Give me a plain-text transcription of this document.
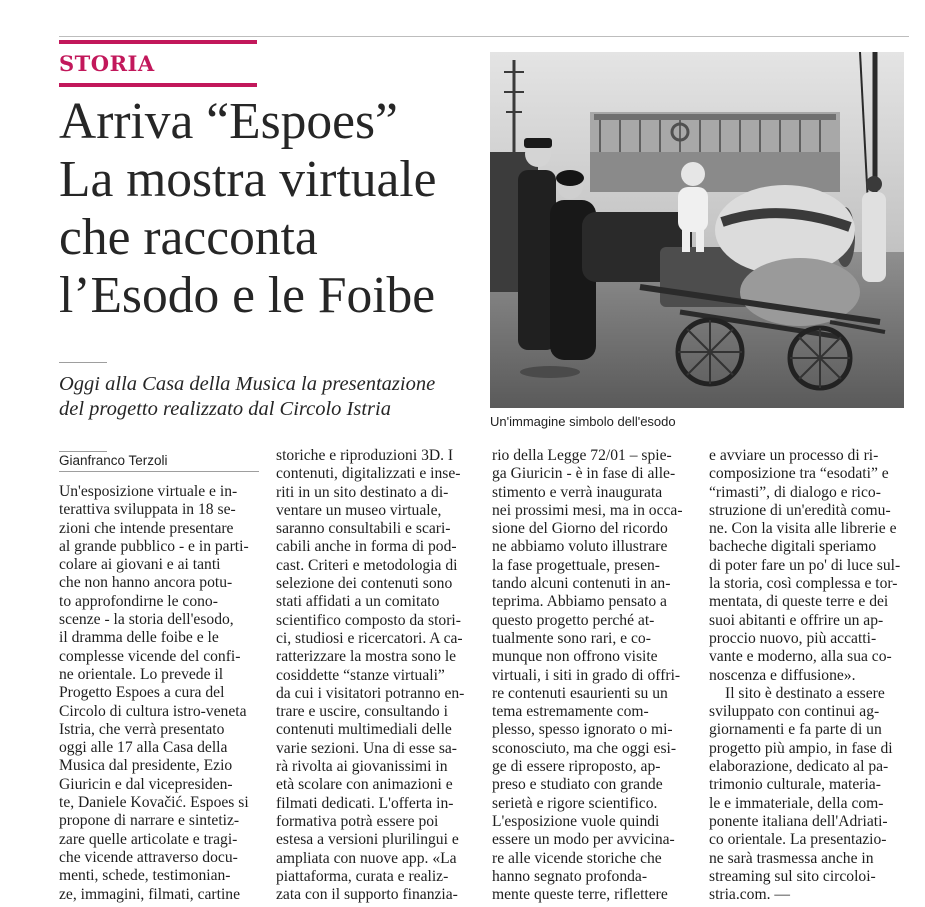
STORIA
Arriva “Espoes”
La mostra virtuale
che racconta
l’Esodo e le Foibe
Oggi alla Casa della Musica la presentazione
del progetto realizzato dal Circolo Istria
Un'immagine simbolo dell'esodo
Gianfranco Terzoli
Un'esposizione virtuale e in-
terattiva sviluppata in 18 se-
zioni che intende presentare
al grande pubblico - e in parti-
colare ai giovani e ai tanti
che non hanno ancora potu-
to approfondirne le cono-
scenze - la storia dell'esodo,
il dramma delle foibe e le
complesse vicende del confi-
ne orientale. Lo prevede il
Progetto Espoes a cura del
Circolo di cultura istro-veneta
Istria, che verrà presentato
oggi alle 17 alla Casa della
Musica dal presidente, Ezio
Giuricin e dal vicepresiden-
te, Daniele Kovačić. Espoes si
propone di narrare e sintetiz-
zare quelle articolate e tragi-
che vicende attraverso docu-
menti, schede, testimonian-
ze, immagini, filmati, cartine
storiche e riproduzioni 3D. I
contenuti, digitalizzati e inse-
riti in un sito destinato a di-
ventare un museo virtuale,
saranno consultabili e scari-
cabili anche in forma di pod-
cast. Criteri e metodologia di
selezione dei contenuti sono
stati affidati a un comitato
scientifico composto da stori-
ci, studiosi e ricercatori. A ca-
ratterizzare la mostra sono le
cosiddette “stanze virtuali”
da cui i visitatori potranno en-
trare e uscire, consultando i
contenuti multimediali delle
varie sezioni. Una di esse sa-
rà rivolta ai giovanissimi in
età scolare con animazioni e
filmati dedicati. L'offerta in-
formativa potrà essere poi
estesa a versioni plurilingui e
ampliata con nuove app. «La
piattaforma, curata e realiz-
zata con il supporto finanzia-
rio della Legge 72/01 – spie-
ga Giuricin - è in fase di alle-
stimento e verrà inaugurata
nei prossimi mesi, ma in occa-
sione del Giorno del ricordo
ne abbiamo voluto illustrare
la fase progettuale, presen-
tando alcuni contenuti in an-
teprima. Abbiamo pensato a
questo progetto perché at-
tualmente sono rari, e co-
munque non offrono visite
virtuali, i siti in grado di offri-
re contenuti esaurienti su un
tema estremamente com-
plesso, spesso ignorato o mi-
sconosciuto, ma che oggi esi-
ge di essere riproposto, ap-
preso e studiato con grande
serietà e rigore scientifico.
L'esposizione vuole quindi
essere un modo per avvicina-
re alle vicende storiche che
hanno segnato profonda-
mente queste terre, riflettere
e avviare un processo di ri-
composizione tra “esodati” e
“rimasti”, di dialogo e rico-
struzione di un'eredità comu-
ne. Con la visita alle librerie e
bacheche digitali speriamo
di poter fare un po' di luce sul-
la storia, così complessa e tor-
mentata, di queste terre e dei
suoi abitanti e offrire un ap-
proccio nuovo, più accatti-
vante e moderno, alla sua co-
noscenza e diffusione».
Il sito è destinato a essere
sviluppato con continui ag-
giornamenti e fa parte di un
progetto più ampio, in fase di
elaborazione, dedicato al pa-
trimonio culturale, materia-
le e immateriale, della com-
ponente italiana dell'Adriati-
co orientale. La presentazio-
ne sarà trasmessa anche in
streaming sul sito circoloi-
stria.com. —
